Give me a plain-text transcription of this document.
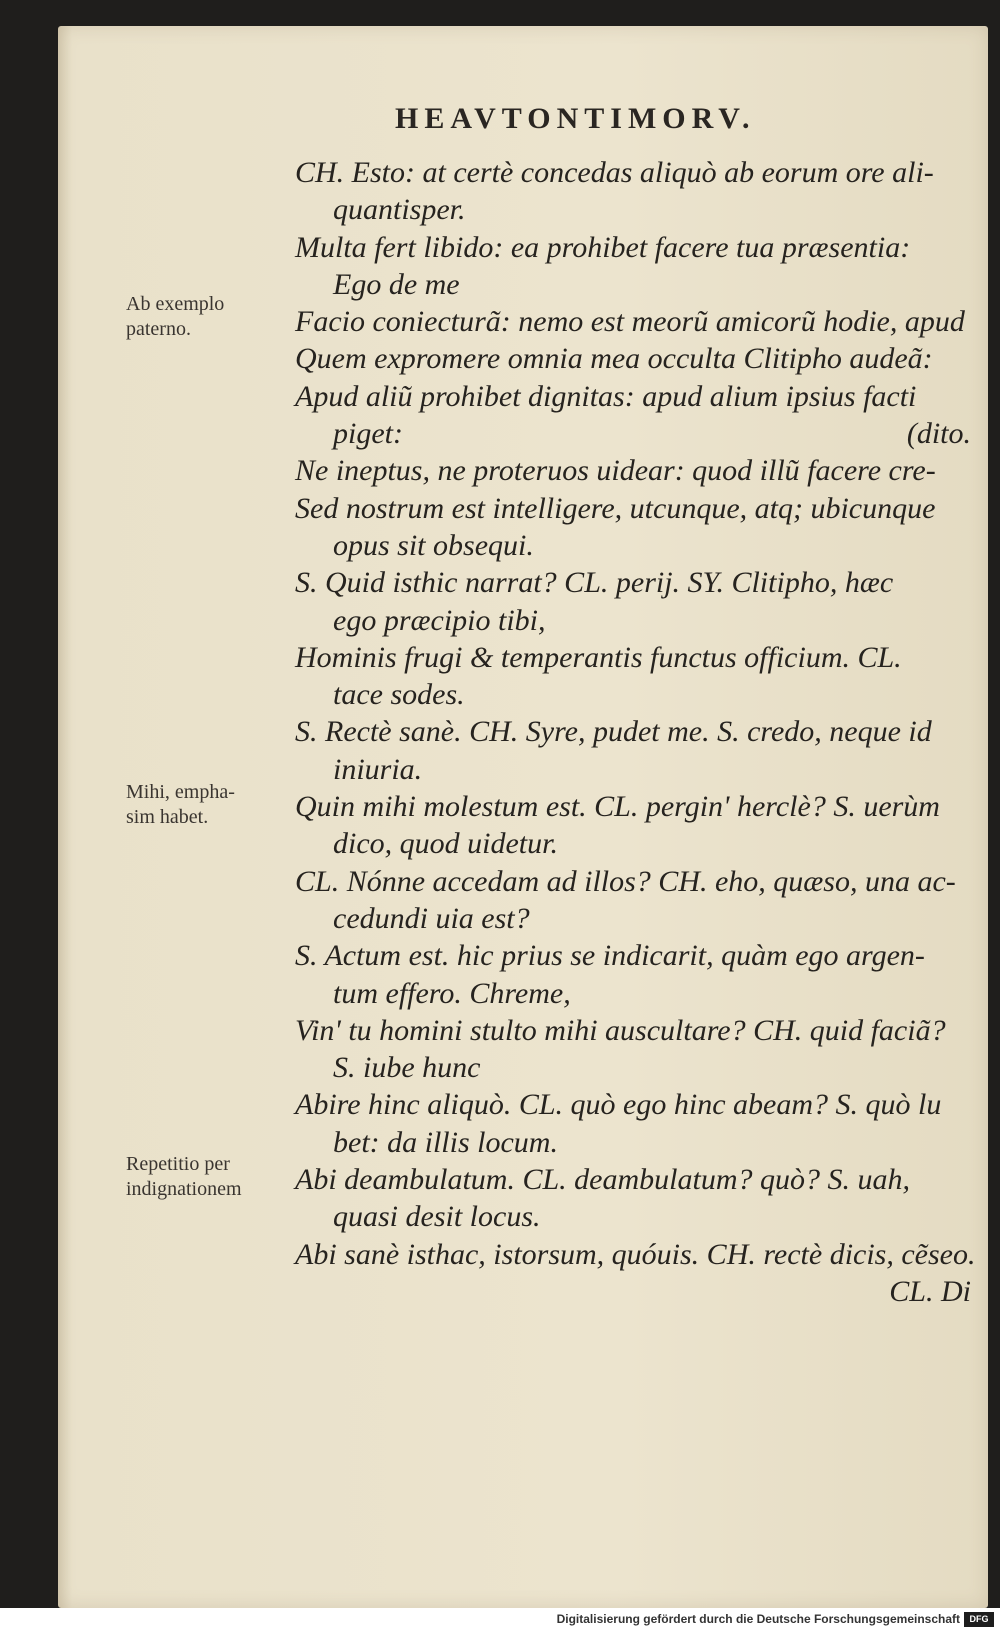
HEAVTONTIMORV.
Ab exemplo
paterno.
Mihi, empha-
sim habet.
Repetitio per
indignationem
CH. Esto: at certè concedas aliquò ab eorum ore ali-
quantisper.
Multa fert libido: ea prohibet facere tua præsentia:
Ego de me
Facio coniecturã: nemo est meorũ amicorũ hodie, apud
Quem expromere omnia mea occulta Clitipho audeã:
Apud aliũ prohibet dignitas: apud alium ipsius facti
piget:	(dito.
Ne ineptus, ne proteruos uidear: quod illũ facere cre-
Sed nostrum est intelligere, utcunque, atq; ubicunque
opus sit obsequi.
S. Quid isthic narrat? CL. perij. SY. Clitipho, hæc
ego præcipio tibi,
Hominis frugi & temperantis functus officium. CL.
tace sodes.
S. Rectè sanè. CH. Syre, pudet me. S. credo, neque id
iniuria.
Quin mihi molestum est. CL. pergin' herclè? S. uerùm
dico, quod uidetur.
CL. Nónne accedam ad illos? CH. eho, quæso, una ac-
cedundi uia est?
S. Actum est. hic prius se indicarit, quàm ego argen-
tum effero. Chreme,
Vin' tu homini stulto mihi auscultare? CH. quid faciã?
S. iube hunc
Abire hinc aliquò. CL. quò ego hinc abeam? S. quò lu
bet: da illis locum.
Abi deambulatum. CL. deambulatum? quò? S. uah,
quasi desit locus.
Abi sanè isthac, istorsum, quóuis. CH. rectè dicis, cẽseo.
CL. Di
Digitalisierung gefördert durch die Deutsche Forschungsgemeinschaft	DFG
